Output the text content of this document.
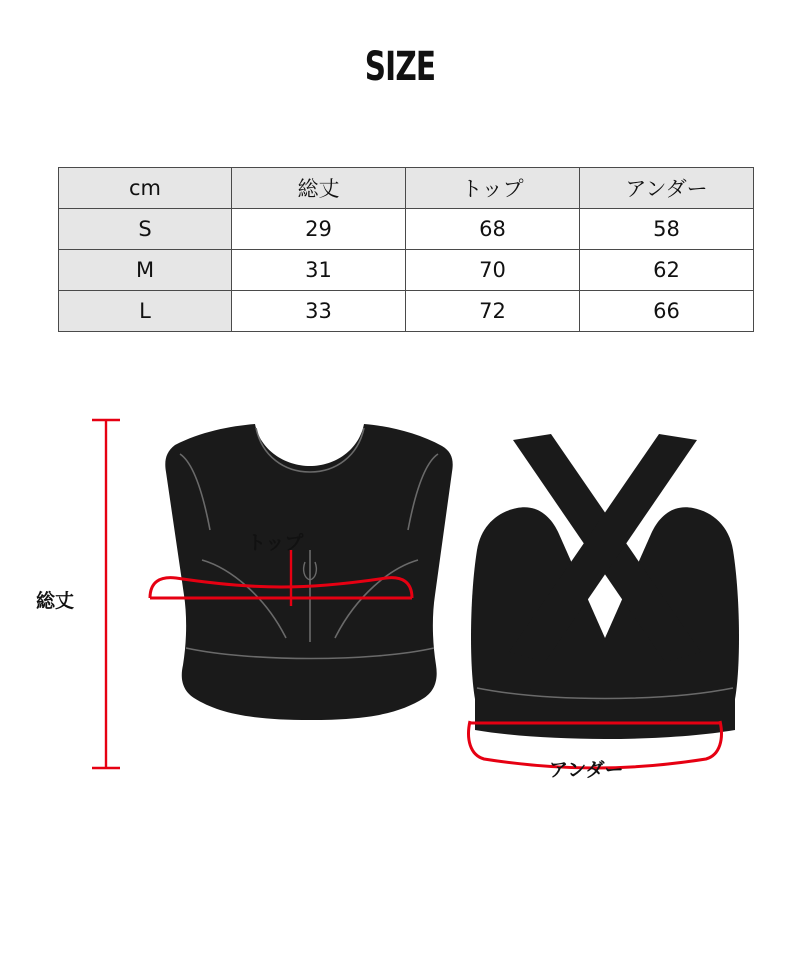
SIZE
cm	総丈	トップ	アンダー
S	29	68	58
M	31	70	62
L	33	72	66
総丈
トップ
アンダー
